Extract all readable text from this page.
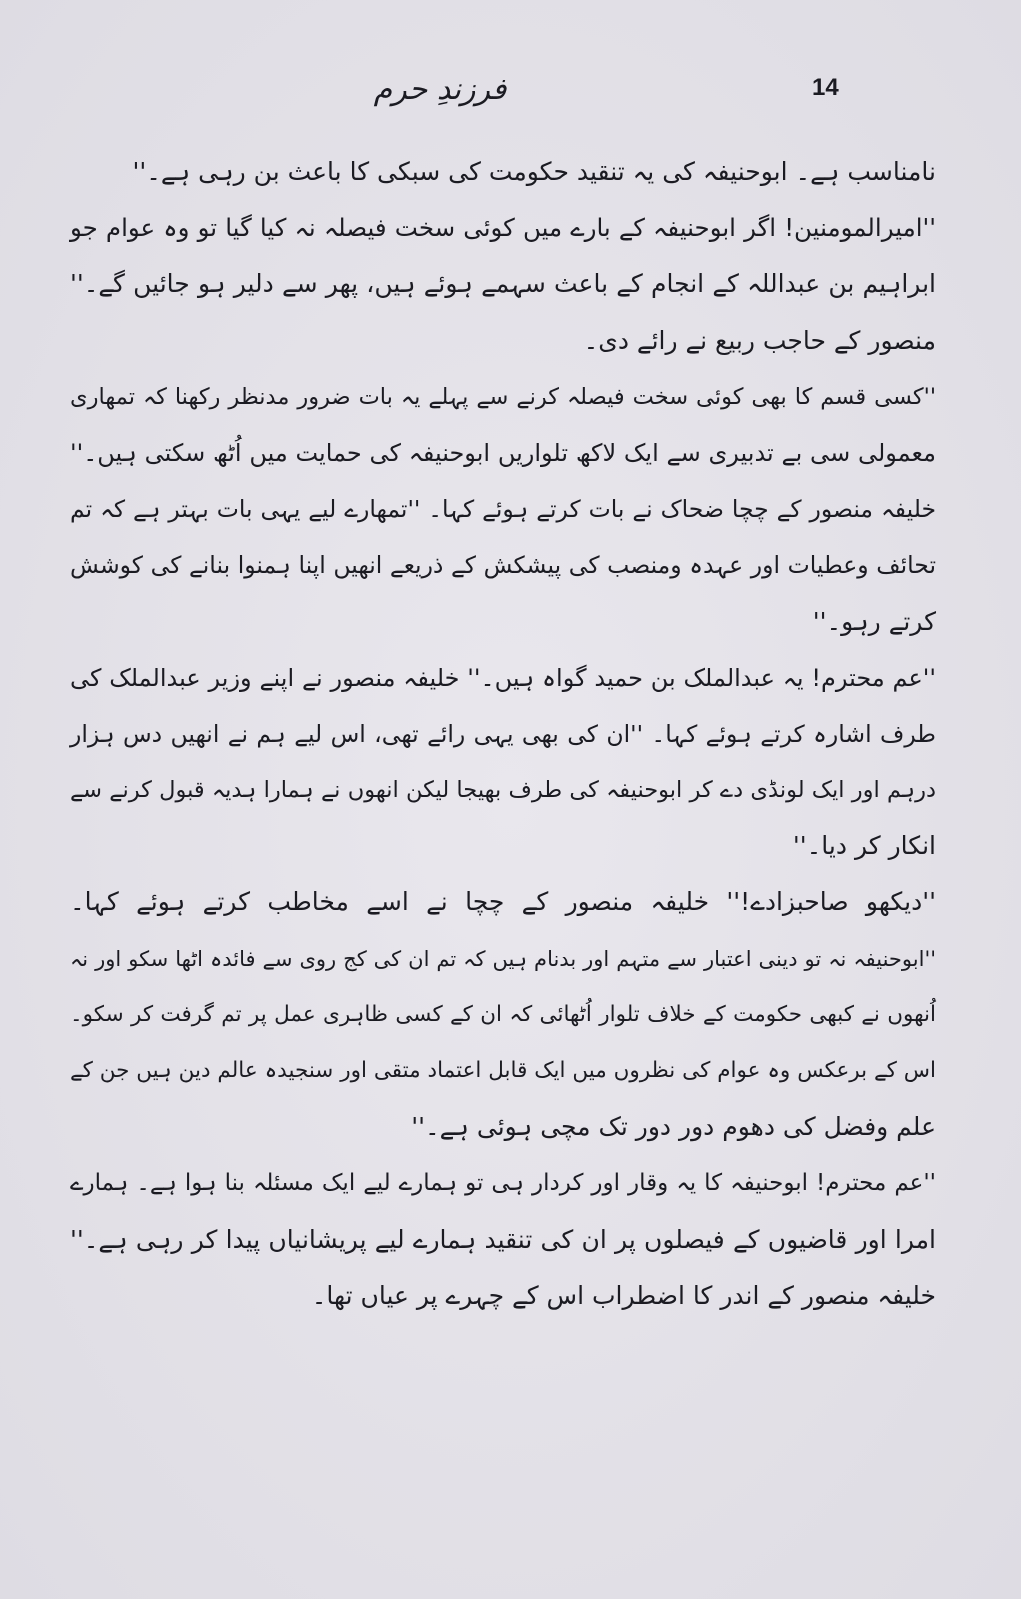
فرزندِ حرم	14
نامناسب ہے۔ ابوحنیفہ کی یہ تنقید حکومت کی سبکی کا باعث بن رہی ہے۔''
''امیرالمومنین! اگر ابوحنیفہ کے بارے میں کوئی سخت فیصلہ نہ کیا گیا تو وہ عوام جو
ابراہیم بن عبداللہ کے انجام کے باعث سہمے ہوئے ہیں، پھر سے دلیر ہو جائیں گے۔''
منصور کے حاجب ربیع نے رائے دی۔
''کسی قسم کا بھی کوئی سخت فیصلہ کرنے سے پہلے یہ بات ضرور مدنظر رکھنا کہ تمھاری
معمولی سی بے تدبیری سے ایک لاکھ تلواریں ابوحنیفہ کی حمایت میں اُٹھ سکتی ہیں۔''
خلیفہ منصور کے چچا ضحاک نے بات کرتے ہوئے کہا۔ ''تمھارے لیے یہی بات بہتر ہے کہ تم
تحائف وعطیات اور عہدہ ومنصب کی پیشکش کے ذریعے انھیں اپنا ہمنوا بنانے کی کوشش
کرتے رہو۔''
''عم محترم! یہ عبدالملک بن حمید گواہ ہیں۔'' خلیفہ منصور نے اپنے وزیر عبدالملک کی
طرف اشارہ کرتے ہوئے کہا۔ ''ان کی بھی یہی رائے تھی، اس لیے ہم نے انھیں دس ہزار
درہم اور ایک لونڈی دے کر ابوحنیفہ کی طرف بھیجا لیکن انھوں نے ہمارا ہدیہ قبول کرنے سے
انکار کر دیا۔''
''دیکھو صاحبزادے!'' خلیفہ منصور کے چچا نے اسے مخاطب کرتے ہوئے کہا۔
''ابوحنیفہ نہ تو دینی اعتبار سے متہم اور بدنام ہیں کہ تم ان کی کج روی سے فائدہ اٹھا سکو اور نہ
اُنھوں نے کبھی حکومت کے خلاف تلوار اُٹھائی کہ ان کے کسی ظاہری عمل پر تم گرفت کر سکو۔
اس کے برعکس وہ عوام کی نظروں میں ایک قابل اعتماد متقی اور سنجیدہ عالم دین ہیں جن کے
علم وفضل کی دھوم دور دور تک مچی ہوئی ہے۔''
''عم محترم! ابوحنیفہ کا یہ وقار اور کردار ہی تو ہمارے لیے ایک مسئلہ بنا ہوا ہے۔ ہمارے
امرا اور قاضیوں کے فیصلوں پر ان کی تنقید ہمارے لیے پریشانیاں پیدا کر رہی ہے۔''
خلیفہ منصور کے اندر کا اضطراب اس کے چہرے پر عیاں تھا۔
